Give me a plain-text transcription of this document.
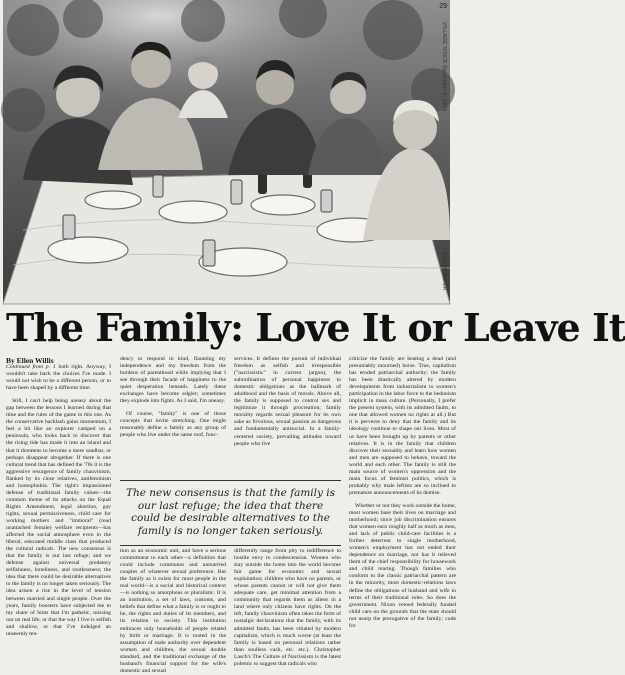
29
VILLAGE VOICE December 3, 1979
EVELYN HOFER
The Family: Love It or Leave It
By Ellen Willis

Continued from p. 1 both right. Anyway, I wouldn't take back the choices I've made. I would not wish to be a different person, or to have been shaped by a different time.

Still, I can't help being uneasy about the gap between the lessons I learned during that time and the rules of the game in this one. As the conservative backlash gains momentum, I feel a bit like an explorer camped on a peninsula, who looks back to discover that the rising tide has made it into an island and that it threatens to become a mere sandbar, or perhaps disappear altogether. If there is one cultural trend that has defined the '70s it is the aggressive resurgence of family chauvinism, flanked by its close relatives, antifeminism and homophobia. The right's impassioned defense of traditional family values—the common theme of its attacks on the Equal Rights Amendment, legal abortion, gay rights, sexual permissiveness, child care for working mothers and "immoral" (read unattached female) welfare recipients—has affected the social atmosphere even in the liberal, educated middle class that produced the cultural radicals. The new consensus is that the family is our last refuge; and we defense against universal predatory selfishness, loneliness, and rootlessness; the idea that there could be desirable alternatives to the family is no longer taken seriously. The idea arisen a rise in the level of tension between married and single people. Over the years, family boosters have subjected me to my share of hints that I'm pathetic, missing out on real life, or that the way I live is selfish and shallow, or that I've indulged an unseemly ten-

dency to respond in kind, flaunting my independence and my freedom from the burdens of parenthood while implying that I see through their facade of happiness to the quiet desperation beneath. Lately these exchanges have become edgier; sometimes they explode into fights. As I said, I'm uneasy.

Of course, "family" is one of those concepts that invite stretching. One might reasonably define a family as any group of people who live under the same roof, func-

services. It defines the pursuit of individual freedom as selfish and irresponsible ("narcissistic" in current jargon), the subordination of personal happiness to domestic obligations as the hallmark of adulthood and the basis of morals. Above all, the family is supposed to control sex and legitimize it through procreation; family morality regards sexual pleasure for its own sake as frivolous, sexual passion as dangerous and fundamentally antisocial. In a family-centered society, prevailing attitudes toward people who live

The new consensus is that the family is our last refuge; the idea that there could be desirable alternatives to the family is no longer taken seriously.

tion as an economic unit, and have a serious commitment to each other—a definition that could include communes and unmarried couples of whatever sexual preference. But the family as it exists for most people in the real world—is a social and historical context—is nothing so amorphous or pluralistic. It is an institution, a set of laws, customs, and beliefs that define what a family is or ought to be, the rights and duties of its members, and its relation to society. This institution embraces only households of people related by birth or marriage. It is rooted in the assumption of male authority over dependent women and children, the sexual double standard, and the traditional exchange of the husband's financial support for the wife's domestic and sexual

differently range from pity to indifference to hostile envy to condescension. Women who stay outside the home into the world become fair game for economic and sexual exploitation; children who have no parents, or whose parents cannot or will not give them adequate care, get minimal attention from a community that regards them as aliens in a land where only citizens have rights. On the left, family chauvinism often takes the form of nostalgic declarations that the family, with its admitted faults, has been vitiated by modern capitalism, which is much worse (at least the family is based on personal relations rather than soulless cash, etc. etc.). Christopher Lasch's The Culture of Narcissism is the latest polemic to suggest that radicals who

criticize the family are beating a dead (and presumably mourned) horse. True, capitalism has eroded patriarchal authority; the family has been drastically altered by modern developments from industrialism to women's participation in the labor force to the hedonism implicit in mass culture. (Personally, I prefer the present system, with its admitted faults, to one that allowed women no rights at all.) But it is perverse to deny that the family and its ideology continue to shape our lives. Most of us have been brought up by parents or other relatives. It is in the family that children discover their sexuality and learn how women and men are supposed to behave, toward the world and each other. The family is still the main source of women's oppression and the main focus of feminist politics, which is probably why male leftists are so inclined to premature announcements of its demise.

Whether or not they work outside the home, most women base their lives on marriage and motherhood; since job discrimination ensures that women earn roughly half as much as men, and lack of public child-care facilities is a further deterrent to single motherhood, women's employment has not ended their dependence on marriage, nor has it relieved them of the chief responsibility for housework and child rearing. Though families who conform to the classic patriarchal pattern are in the minority, most domestic-relations laws define the obligations of husband and wife in terms of their traditional roles. So does the government. Nixon vetoed federally funded child care on the grounds that the state should not usurp the prerogative of the family; code for
